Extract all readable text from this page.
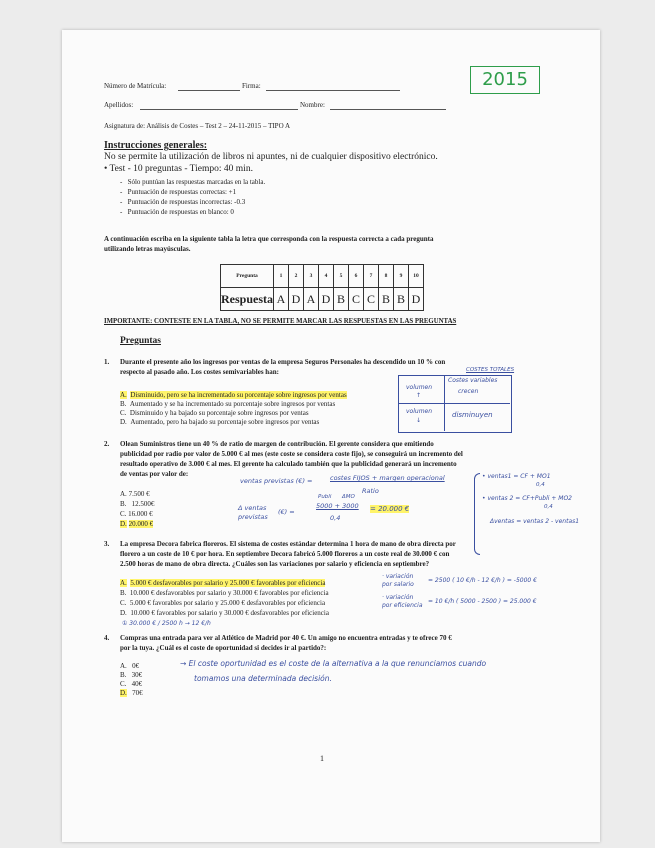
2015
Número de Matrícula:	Firma:
Apellidos:	Nombre:
Asignatura de: Análisis de Costes – Test 2 – 24-11-2015 – TIPO A
Instrucciones generales:
No se permite la utilización de libros ni apuntes, ni de cualquier dispositivo electrónico.
• Test - 10 preguntas - Tiempo: 40 min.
-   Sólo puntúan las respuestas marcadas en la tabla.
-   Puntuación de respuestas correctas: +1
-   Puntuación de respuestas incorrectas: -0.3
-   Puntuación de respuestas en blanco: 0
A continuación escriba en la siguiente tabla la letra que corresponda con la respuesta correcta a cada pregunta
utilizando letras mayúsculas.
Pregunta	1	2	3	4	5	6	7	8	9	10
Respuesta	A	D	A	D	B	C	C	B	B	D
IMPORTANTE: CONTESTE EN LA TABLA, NO SE PERMITE MARCAR LAS RESPUESTAS EN LAS PREGUNTAS
Preguntas
1. Durante el presente año los ingresos por ventas de la empresa Seguros Personales ha descendido un 10 % con
respecto al pasado año. Los costes semivariables han:
A. Disminuido, pero se ha incrementado su porcentaje sobre ingresos por ventas
B. Aumentado y se ha incrementado su porcentaje sobre ingresos por ventas
C. Disminuido y ha bajado su porcentaje sobre ingresos por ventas
D. Aumentado, pero ha bajado su porcentaje sobre ingresos por ventas
COSTES TOTALES
Costes variables
crecen
volumen
↑
volumen
↓
disminuyen
2. Olean Suministros tiene un 40 % de ratio de margen de contribución. El gerente considera que emitiendo
publicidad por radio por valor de 5.000 € al mes (este coste se considera coste fijo), se conseguirá un incremento del
resultado operativo de 3.000 € al mes. El gerente ha calculado también que la publicidad generará un incremento
de ventas por valor de:
A. 7.500 €
B. 12.500€
C. 16.000 €
D. 20.000 €
ventas previstas (€) =	costes FIJOS + margen operacional
Ratio
Δ ventas
previstas
(€) =
Publi ΔMO
5000 + 3000
0,4
= 20.000 €
• ventas1 = CF + MO1
0,4
• ventas 2 = CF+Publi + MO2
0,4
Δventas = ventas 2 - ventas1
3. La empresa Decora fabrica floreros. El sistema de costes estándar determina 1 hora de mano de obra directa por
florero a un coste de 10 € por hora. En septiembre Decora fabricó 5.000 floreros a un coste real de 30.000 € con
2.500 horas de mano de obra directa. ¿Cuáles son las variaciones por salario y eficiencia en septiembre?
A. 5.000 € desfavorables por salario y 25.000 € favorables por eficiencia
B. 10.000 € desfavorables por salario y 30.000 € favorables por eficiencia
C. 5.000 € favorables por salario y 25.000 € desfavorables por eficiencia
D. 10.000 € favorables por salario y 30.000 € desfavorables por eficiencia
· variación
por salario
= 2500 ( 10 €/h - 12 €/h ) = -5000 €
· variación
por eficiencia
= 10 €/h ( 5000 - 2500 ) = 25.000 €
① 30.000 € / 2500 h → 12 €/h
4. Compras una entrada para ver al Atlético de Madrid por 40 €. Un amigo no encuentra entradas y te ofrece 70 €
por la tuya. ¿Cuál es el coste de oportunidad si decides ir al partido?:
A. 0€
B. 30€
C. 40€
D. 70€
→ El coste oportunidad es el coste de la alternativa a la que renunciamos cuando
tomamos una determinada decisión.
1
